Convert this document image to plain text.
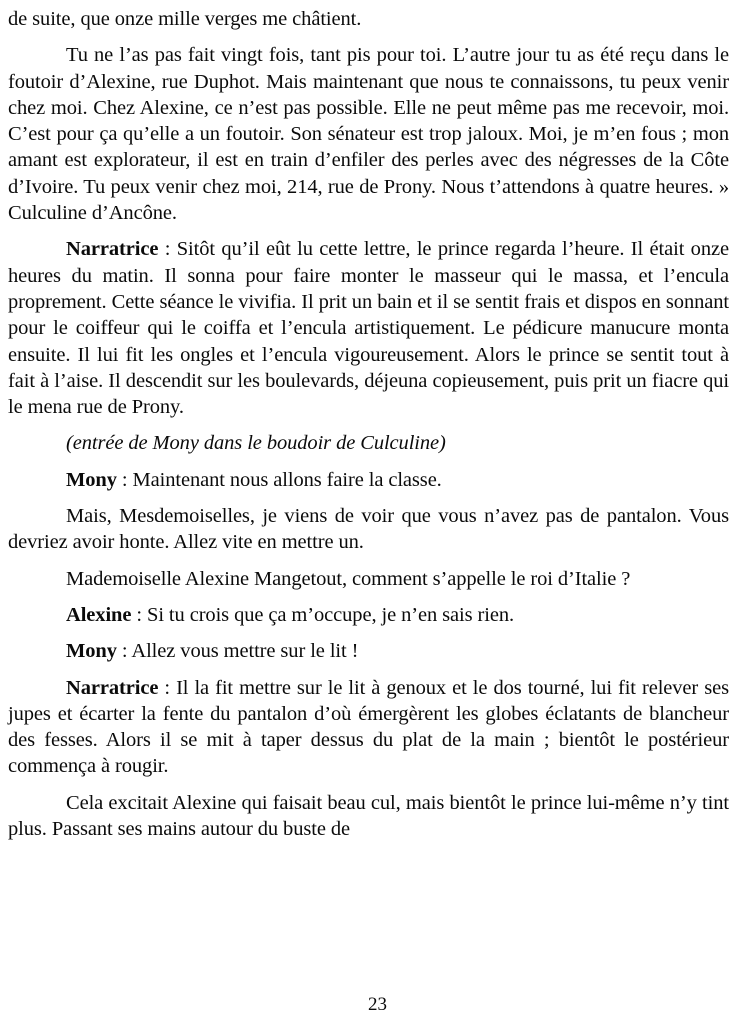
de suite, que onze mille verges me châtient.

Tu ne l’as pas fait vingt fois, tant pis pour toi. L’autre jour tu as été reçu dans le foutoir d’Alexine, rue Duphot. Mais maintenant que nous te connaissons, tu peux venir chez moi. Chez Alexine, ce n’est pas possible. Elle ne peut même pas me recevoir, moi. C’est pour ça qu’elle a un foutoir. Son sénateur est trop jaloux. Moi, je m’en fous ; mon amant est explorateur, il est en train d’enfiler des perles avec des négresses de la Côte d’Ivoire. Tu peux venir chez moi, 214, rue de Prony. Nous t’attendons à quatre heures. » Culculine d’Ancône.

Narratrice : Sitôt qu’il eût lu cette lettre, le prince regarda l’heure. Il était onze heures du matin. Il sonna pour faire monter le masseur qui le massa, et l’encula proprement. Cette séance le vivifia. Il prit un bain et il se sentit frais et dispos en sonnant pour le coiffeur qui le coiffa et l’encula artistiquement. Le pédicure manucure monta ensuite. Il lui fit les ongles et l’encula vigoureusement. Alors le prince se sentit tout à fait à l’aise. Il descendit sur les boulevards, déjeuna copieusement, puis prit un fiacre qui le mena rue de Prony.

(entrée de Mony dans le boudoir de Culculine)

Mony : Maintenant nous allons faire la classe.

Mais, Mesdemoiselles, je viens de voir que vous n’avez pas de pantalon. Vous devriez avoir honte. Allez vite en mettre un.

Mademoiselle Alexine Mangetout, comment s’appelle le roi d’Italie ?

Alexine : Si tu crois que ça m’occupe, je n’en sais rien.

Mony : Allez vous mettre sur le lit !

Narratrice : Il la fit mettre sur le lit à genoux et le dos tourné, lui fit relever ses jupes et écarter la fente du pantalon d’où émergèrent les globes éclatants de blancheur des fesses. Alors il se mit à taper dessus du plat de la main ; bientôt le postérieur commença à rougir.

Cela excitait Alexine qui faisait beau cul, mais bientôt le prince lui-même n’y tint plus. Passant ses mains autour du buste de

23
